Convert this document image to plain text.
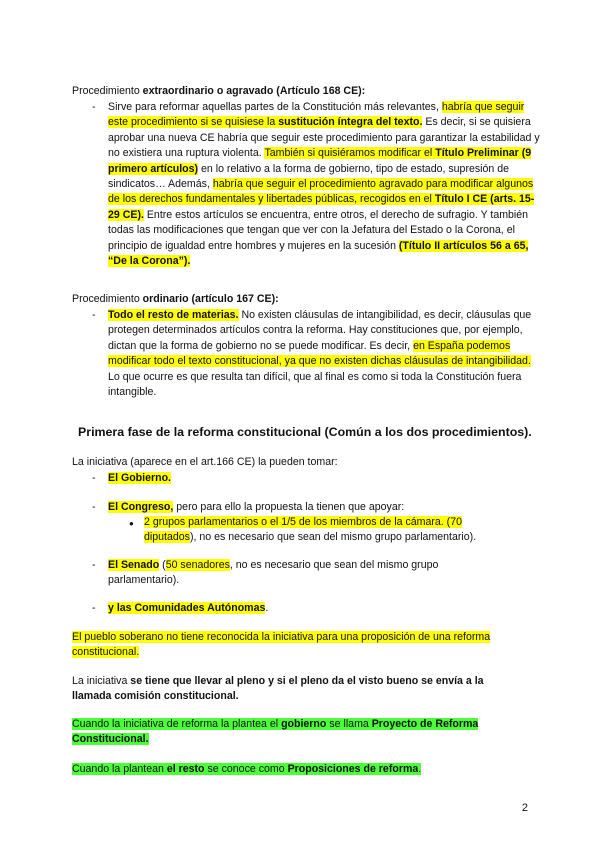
Procedimiento extraordinario o agravado (Artículo 168 CE):
- Sirve para reformar aquellas partes de la Constitución más relevantes, habría que seguir este procedimiento si se quisiese la sustitución íntegra del texto. Es decir, si se quisiera aprobar una nueva CE habría que seguir este procedimiento para garantizar la estabilidad y no existiera una ruptura violenta. También si quisiéramos modificar el Título Preliminar (9 primero artículos) en lo relativo a la forma de gobierno, tipo de estado, supresión de sindicatos… Además, habría que seguir el procedimiento agravado para modificar algunos de los derechos fundamentales y libertades públicas, recogidos en el Título I CE (arts. 15-29 CE). Entre estos artículos se encuentra, entre otros, el derecho de sufragio. Y también todas las modificaciones que tengan que ver con la Jefatura del Estado o la Corona, el principio de igualdad entre hombres y mujeres en la sucesión (Título II artículos 56 a 65, “De la Corona”).
Procedimiento ordinario (artículo 167 CE):
- Todo el resto de materias. No existen cláusulas de intangibilidad, es decir, cláusulas que protegen determinados artículos contra la reforma. Hay constituciones que, por ejemplo, dictan que la forma de gobierno no se puede modificar. Es decir, en España podemos modificar todo el texto constitucional, ya que no existen dichas cláusulas de intangibilidad. Lo que ocurre es que resulta tan difícil, que al final es como si toda la Constitución fuera intangible.
Primera fase de la reforma constitucional (Común a los dos procedimientos).
La iniciativa (aparece en el art.166 CE) la pueden tomar:
- El Gobierno.
- El Congreso, pero para ello la propuesta la tienen que apoyar:
● 2 grupos parlamentarios o el 1/5 de los miembros de la cámara. (70 diputados), no es necesario que sean del mismo grupo parlamentario).
- El Senado (50 senadores, no es necesario que sean del mismo grupo parlamentario).
- y las Comunidades Autónomas.
El pueblo soberano no tiene reconocida la iniciativa para una proposición de una reforma constitucional.
La iniciativa se tiene que llevar al pleno y si el pleno da el visto bueno se envía a la llamada comisión constitucional.
Cuando la iniciativa de reforma la plantea el gobierno se llama Proyecto de Reforma Constitucional.
Cuando la plantean el resto se conoce como Proposiciones de reforma.
2
